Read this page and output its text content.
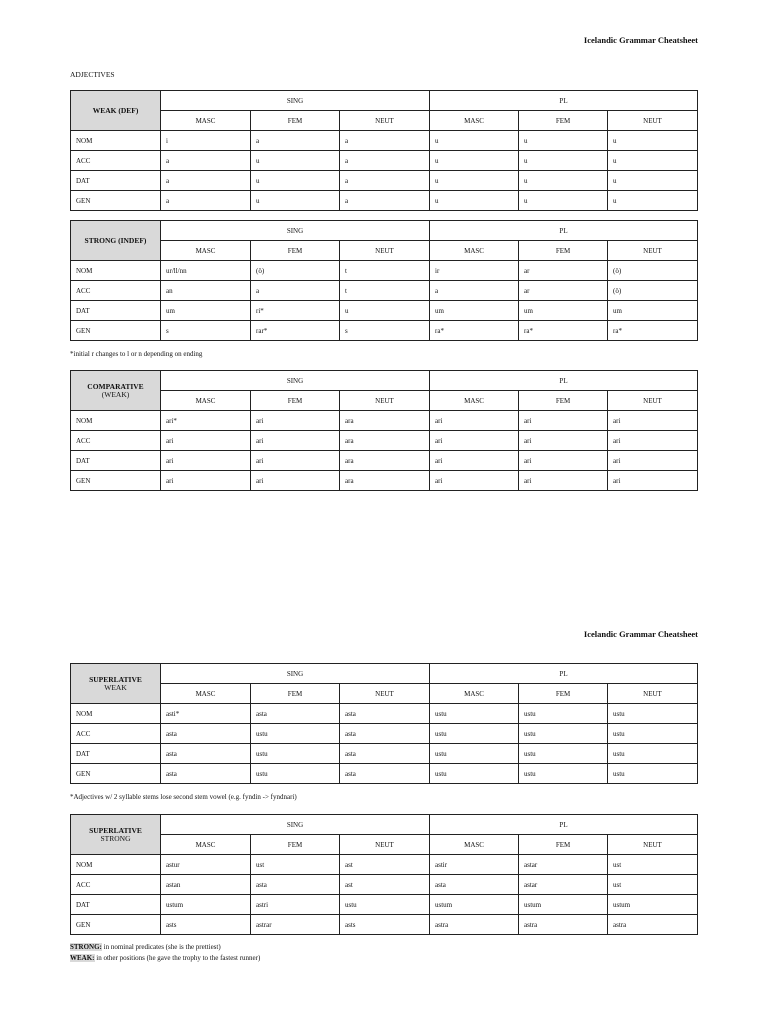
Icelandic Grammar Cheatsheet
ADJECTIVES
WEAK (DEF)	SING			PL		
	MASC	FEM	NEUT	MASC	FEM	NEUT
NOM	i	a	a	u	u	u
ACC	a	u	a	u	u	u
DAT	a	u	a	u	u	u
GEN	a	u	a	u	u	u
STRONG (INDEF)	SING			PL		
	MASC	FEM	NEUT	MASC	FEM	NEUT
NOM	ur/ll/nn	(ö)	t	ir	ar	(ö)
ACC	an	a	t	a	ar	(ö)
DAT	um	ri*	u	um	um	um
GEN	s	rar*	s	ra*	ra*	ra*
*initial r changes to l or n depending on ending
COMPARATIVE
(WEAK)	SING			PL		
	MASC	FEM	NEUT	MASC	FEM	NEUT
NOM	ari*	ari	ara	ari	ari	ari
ACC	ari	ari	ara	ari	ari	ari
DAT	ari	ari	ara	ari	ari	ari
GEN	ari	ari	ara	ari	ari	ari
Icelandic Grammar Cheatsheet
SUPERLATIVE
WEAK	SING			PL		
	MASC	FEM	NEUT	MASC	FEM	NEUT
NOM	asti*	asta	asta	ustu	ustu	ustu
ACC	asta	ustu	asta	ustu	ustu	ustu
DAT	asta	ustu	asta	ustu	ustu	ustu
GEN	asta	ustu	asta	ustu	ustu	ustu
*Adjectives w/ 2 syllable stems lose second stem vowel (e.g. fyndin -> fyndnari)
SUPERLATIVE
STRONG	SING			PL		
	MASC	FEM	NEUT	MASC	FEM	NEUT
NOM	astur	ust	ast	astir	astar	ust
ACC	astan	asta	ast	asta	astar	ust
DAT	ustum	astri	ustu	ustum	ustum	ustum
GEN	asts	astrar	asts	astra	astra	astra
STRONG: in nominal predicates (she is the prettiest)
WEAK: in other positions (he gave the trophy to the fastest runner)
